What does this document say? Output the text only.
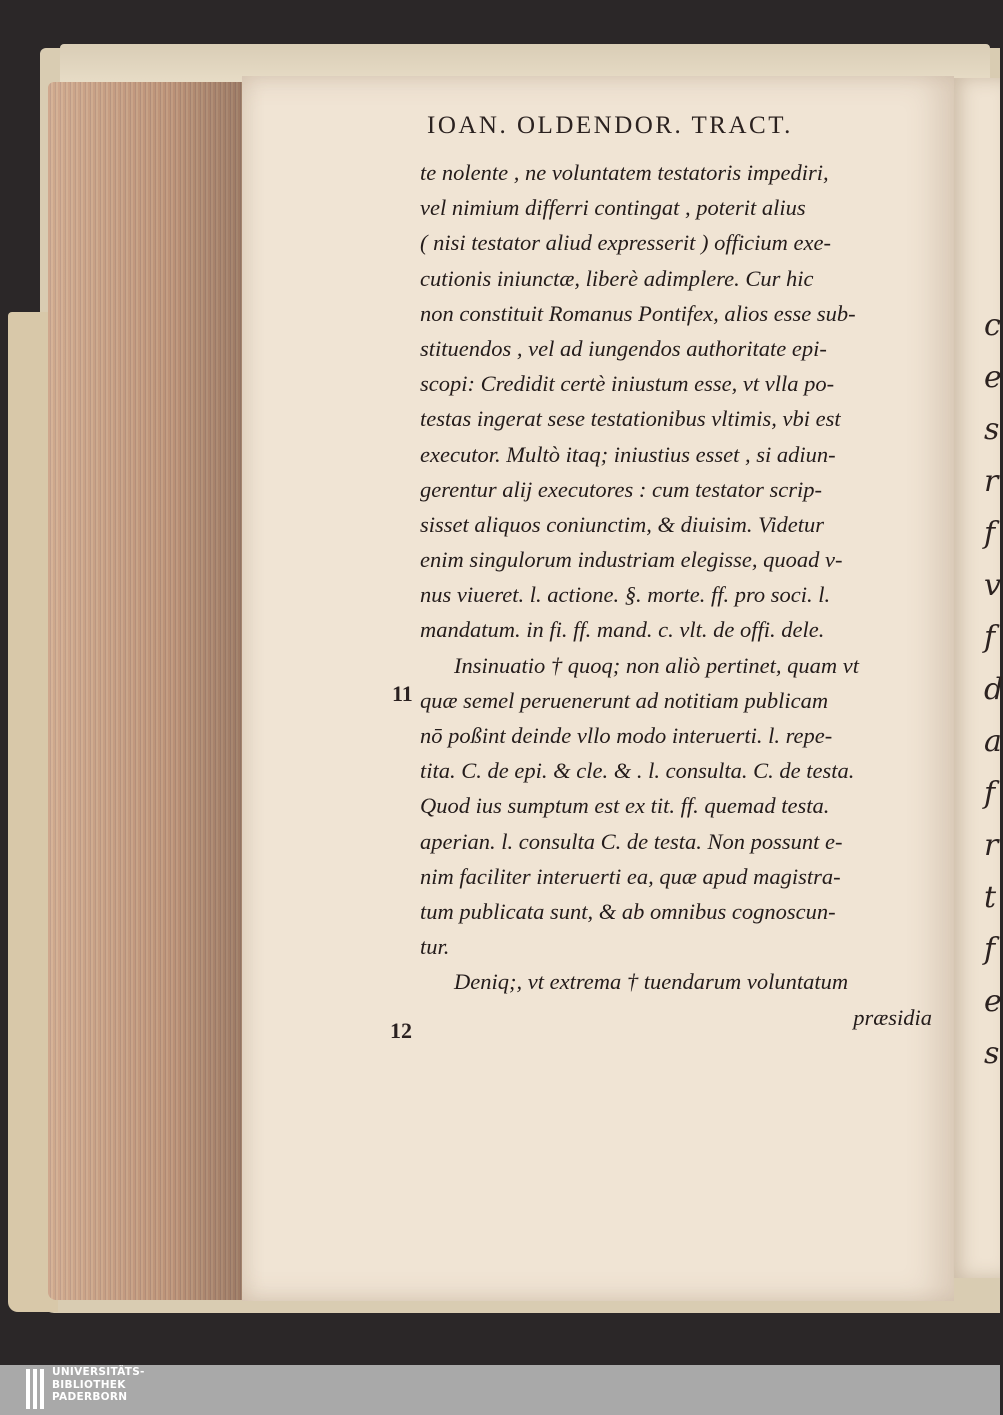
c
e
s
r
f
v
f
d
a
f
r
t
f
e
s
IOAN. OLDENDOR. TRACT.
te nolente , ne voluntatem testatoris impediri,
vel nimium differri contingat , poterit alius
( nisi testator aliud expresserit ) officium exe-
cutionis iniunctæ, liberè adimplere. Cur hic
non constituit Romanus Pontifex, alios esse sub-
stituendos , vel ad iungendos authoritate epi-
scopi: Credidit certè iniustum esse, vt vlla po-
testas ingerat sese testationibus vltimis, vbi est
executor. Multò itaq; iniustius esset , si adiun-
gerentur alij executores : cum testator scrip-
sisset aliquos coniunctim, & diuisim. Videtur
enim singulorum industriam elegisse, quoad v-
nus viueret. l. actione. §. morte. ff. pro soci. l.
mandatum. in fi. ff. mand. c. vlt. de offi. dele.
Insinuatio † quoq; non aliò pertinet, quam vt
quæ semel peruenerunt ad notitiam publicam
nō poßint deinde vllo modo interuerti. l. repe-
tita. C. de epi. & cle. & . l. consulta. C. de testa.
Quod ius sumptum est ex tit. ff. quemad testa.
aperian. l. consulta C. de testa. Non possunt e-
nim faciliter interuerti ea, quæ apud magistra-
tum publicata sunt, & ab omnibus cognoscun-
tur.
Deniq;, vt extrema † tuendarum voluntatum
præsidia
11
12
UNIVERSITÄTS-
BIBLIOTHEK
PADERBORN
